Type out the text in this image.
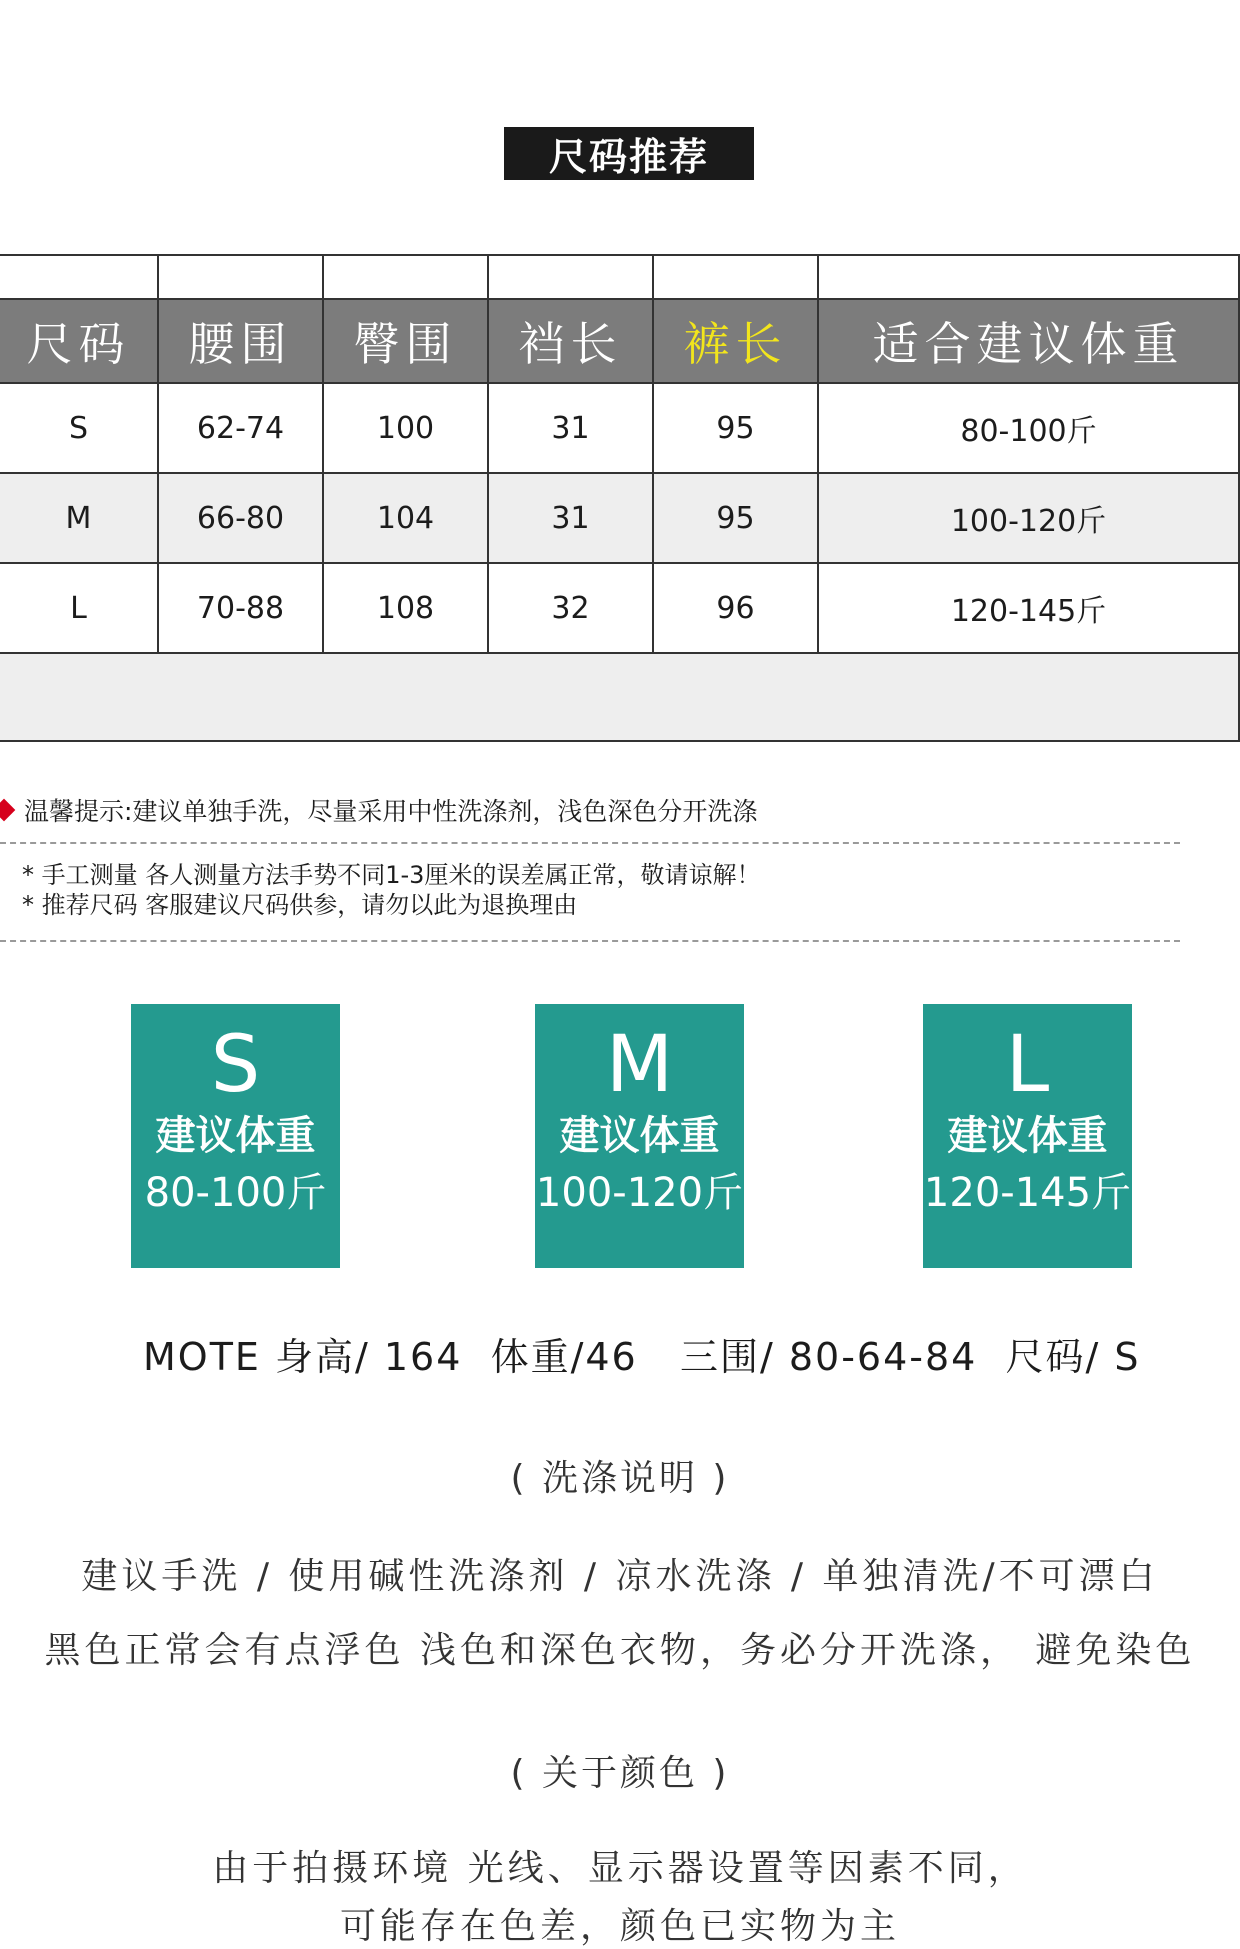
尺码推荐

尺码	腰围	臀围	裆长	裤长	适合建议体重
S	62-74	100	31	95	80-100斤
M	66-80	104	31	95	100-120斤
L	70-88	108	32	96	120-145斤

温馨提示:建议单独手洗，尽量采用中性洗涤剂，浅色深色分开洗涤
* 手工测量 各人测量方法手势不同1-3厘米的误差属正常，敬请谅解！
* 推荐尺码 客服建议尺码供参，请勿以此为退换理由
S
建议体重
80-100斤
M
建议体重
100-120斤
L
建议体重
120-145斤
MOTE 身高/ 164  体重/46   三围/ 80-64-84  尺码/ S
( 洗涤说明 )
建议手洗 / 使用碱性洗涤剂 / 凉水洗涤 / 单独清洗/不可漂白
黑色正常会有点浮色 浅色和深色衣物，务必分开洗涤， 避免染色
( 关于颜色 )
由于拍摄环境 光线、显示器设置等因素不同，
可能存在色差，颜色已实物为主
